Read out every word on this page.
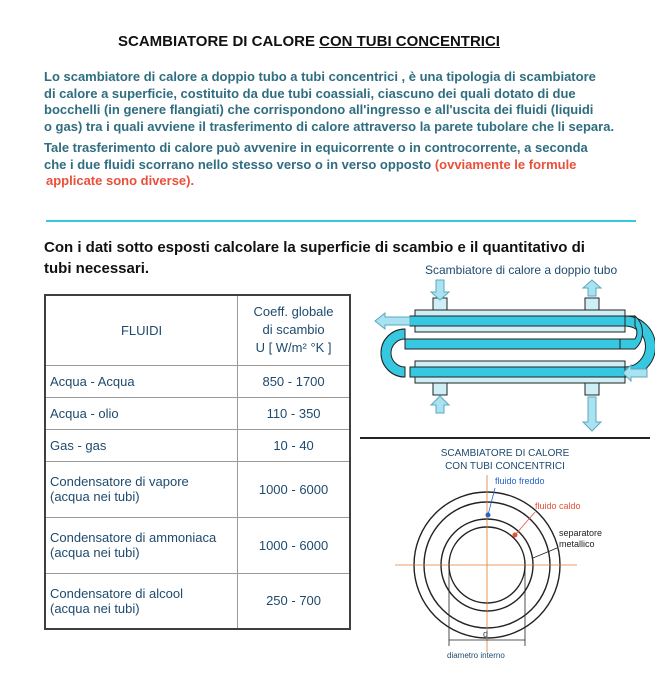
SCAMBIATORE DI CALORE CON TUBI CONCENTRICI
Lo scambiatore di calore a doppio tubo a tubi concentrici , è una tipologia di scambiatore
di calore a superficie, costituito da due tubi coassiali, ciascuno dei quali dotato di due
bocchelli (in genere flangiati) che corrispondono all'ingresso e all'uscita dei fluidi (liquidi
o gas) tra i quali avviene il trasferimento di calore attraverso la parete tubolare che li separa.
Tale trasferimento di calore può avvenire in equicorrente o in controcorrente, a seconda
che i due fluidi scorrano nello stesso verso o in verso opposto (ovviamente le formule
applicate sono diverse).
Con i dati sotto esposti calcolare la superficie di scambio e il quantitativo di
tubi necessari.
FLUIDI	Coeff. globale
di scambio
U [ W/m² °K ]

Acqua - Acqua	850 - 1700

Acqua - olio	110 - 350

Gas - gas	10 - 40

Condensatore di vapore
(acqua nei tubi)	1000 - 6000

Condensatore di ammoniaca
(acqua nei tubi)	1000 - 6000

Condensatore di alcool
(acqua nei tubi)	250 - 700
Scambiatore di calore a doppio tubo
SCAMBIATORE DI CALORE
CON TUBI CONCENTRICI
d
diametro interno
fluido freddo
fluido caldo
separatore
metallico
